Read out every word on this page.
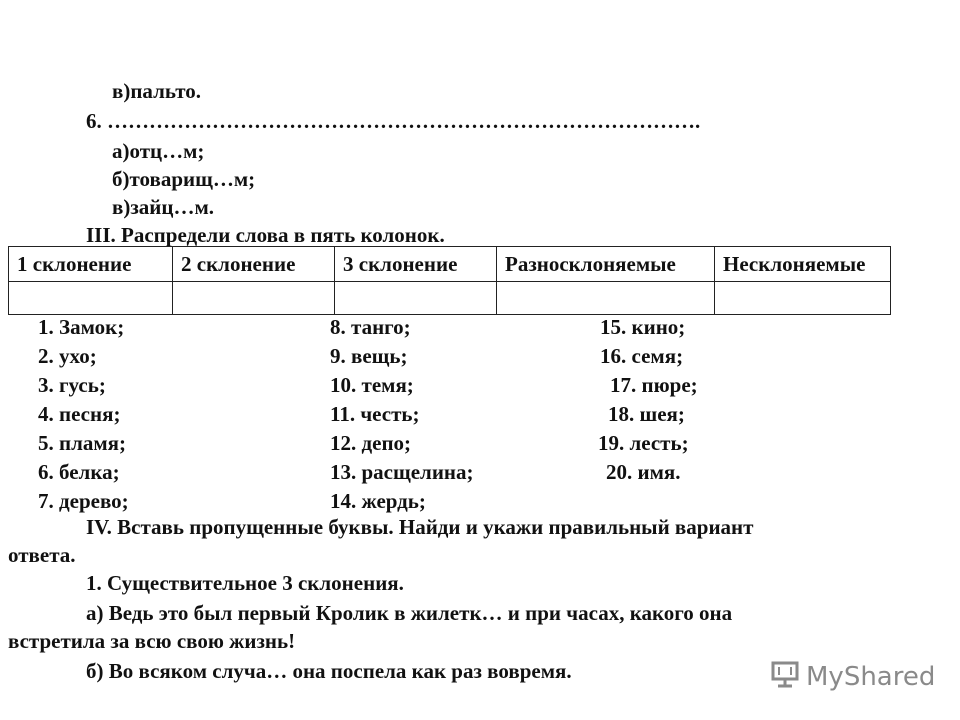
в)пальто.
6. ………………………………………………………………………….
а)отц…м;
б)товарищ…м;
в)зайц…м.
III. Распредели слова в пять колонок.
1 склонение	2 склонение	3 склонение	Разносклоняемые	Несклоняемые

1. Замок;	8. танго;	15. кино;
2. ухо;	9. вещь;	16. семя;
3. гусь;	10. темя;	17. пюре;
4. песня;	11. честь;	18. шея;
5. пламя;	12. депо;	19. лесть;
6. белка;	13. расщелина;	20. имя.
7. дерево;	14. жердь;
IV. Вставь пропущенные буквы. Найди и укажи правильный вариант
ответа.
1. Существительное 3 склонения.
а) Ведь это был первый Кролик в жилетк… и при часах, какого она
встретила за всю свою жизнь!
б) Во всяком случа… она поспела как раз вовремя.	MyShared
